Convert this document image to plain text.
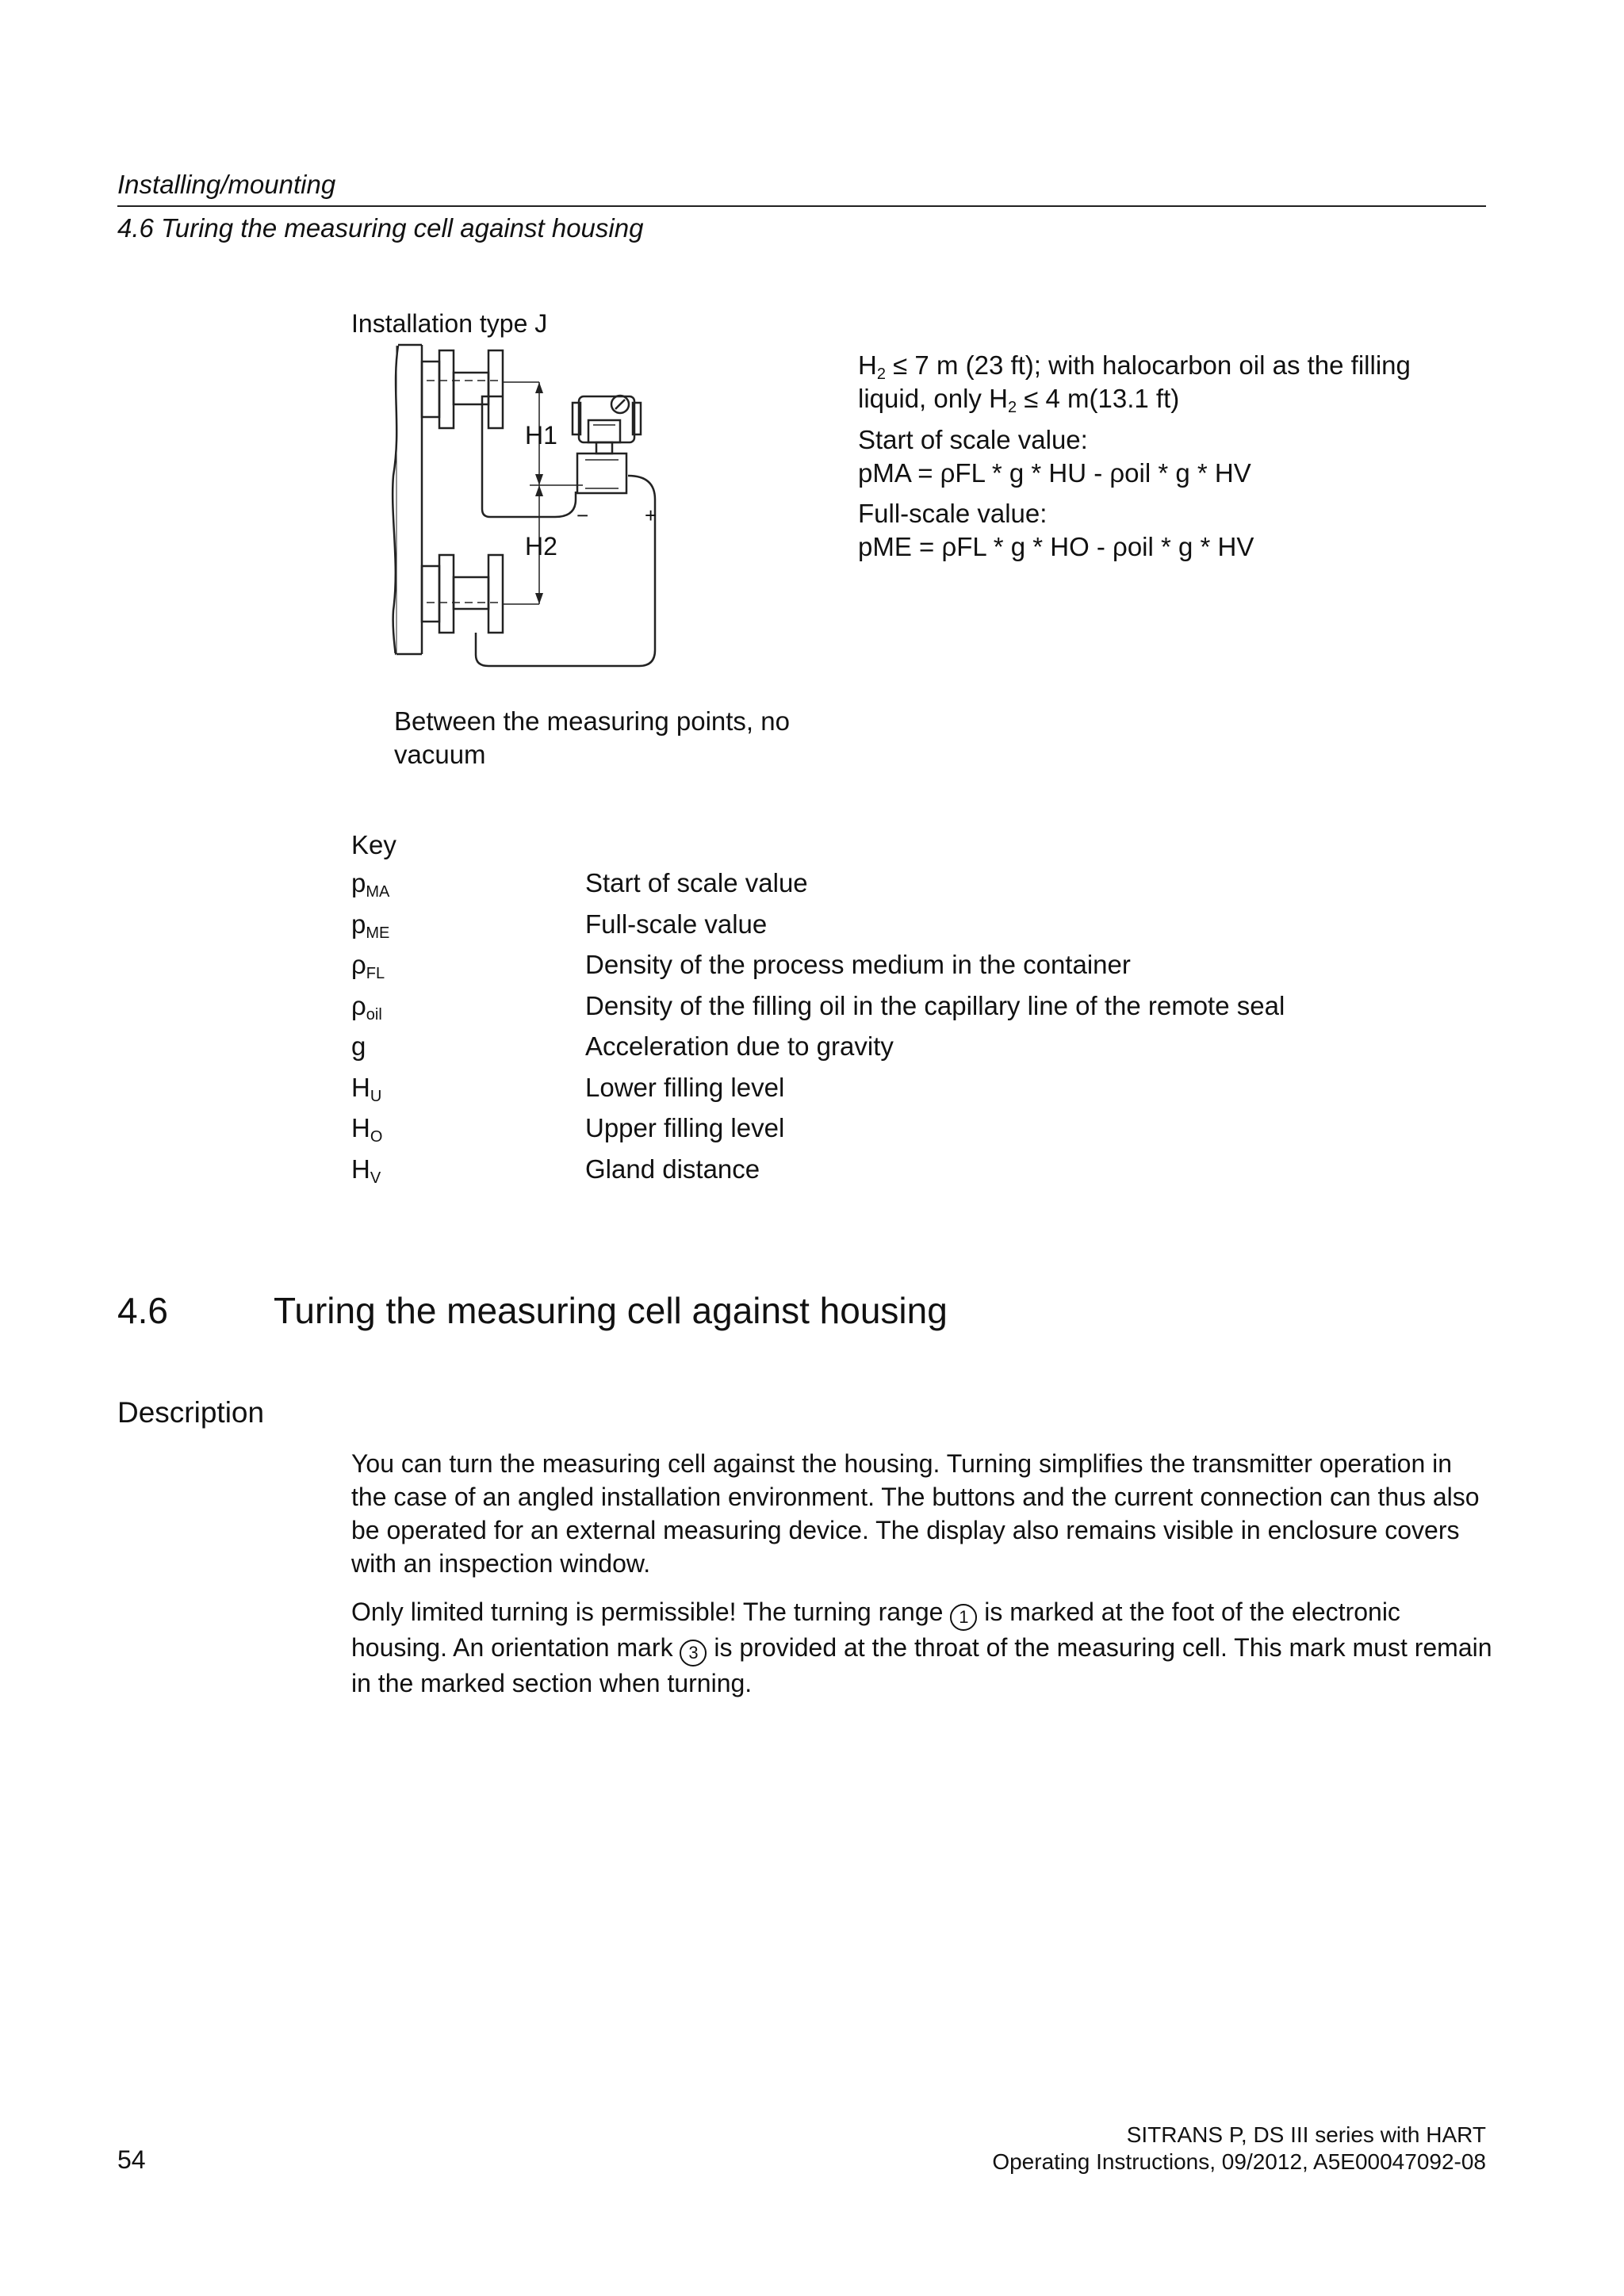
Installing/mounting
4.6 Turing the measuring cell against housing
Installation type J
H1
H2
−	+
Between the measuring points, no
vacuum
$H_2 \le 7$ m (23 ft); with halocarbon oil as the filling
liquid, only $H_2 \le 4$ m(13.1 ft)
Start of scale value:
pMA = ρFL * g * HU - ρoil * g * HV
Full-scale value:
pME = ρFL * g * HO - ρoil * g * HV
Key
$p_{MA}$	Start of scale value
$p_{ME}$	Full-scale value
$\rho_{FL}$	Density of the process medium in the container
$\rho_{oil}$	Density of the filling oil in the capillary line of the remote seal
g	Acceleration due to gravity
$H_U$	Lower filling level
$H_O$	Upper filling level
$H_V$	Gland distance
4.6	Turing the measuring cell against housing
Description

You can turn the measuring cell against the housing. Turning simplifies the transmitter operation in the case of an angled installation environment. The buttons and the current connection can thus also be operated for an external measuring device. The display also remains visible in enclosure covers with an inspection window.

Only limited turning is permissible! The turning range 1 is marked at the foot of the electronic housing. An orientation mark 3 is provided at the throat of the measuring cell. This mark must remain in the marked section when turning.

54
SITRANS P, DS III series with HART
Operating Instructions, 09/2012, A5E00047092-08
